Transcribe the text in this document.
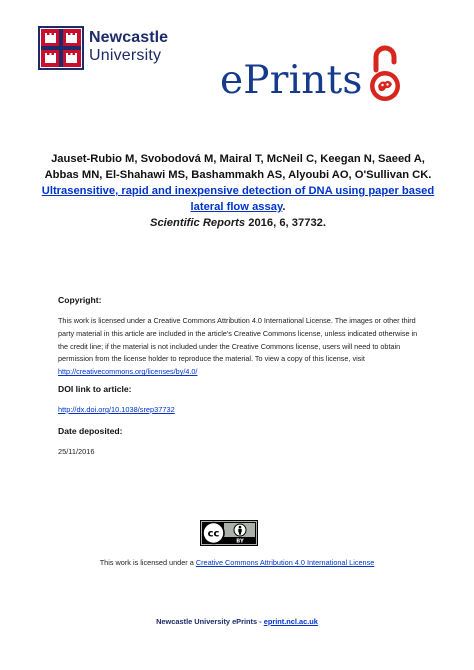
Newcastle
University
ePrints
Jauset-Rubio M, Svobodová M, Mairal T, McNeil C, Keegan N, Saeed A, Abbas MN, El-Shahawi MS, Bashammakh AS, Alyoubi AO, O'Sullivan CK.
Ultrasensitive, rapid and inexpensive detection of DNA using paper based lateral flow assay.
Scientific Reports 2016, 6, 37732.
Copyright:
This work is licensed under a Creative Commons Attribution 4.0 International License. The images or other third party material in this article are included in the article's Creative Commons license, unless indicated otherwise in the credit line; if the material is not included under the Creative Commons license, users will need to obtain permission from the license holder to reproduce the material. To view a copy of this license, visit http://creativecommons.org/licenses/by/4.0/
DOI link to article:
http://dx.doi.org/10.1038/srep37732
Date deposited:
25/11/2016
cc
BY
This work is licensed under a Creative Commons Attribution 4.0 International License
Newcastle University ePrints - eprint.ncl.ac.uk
